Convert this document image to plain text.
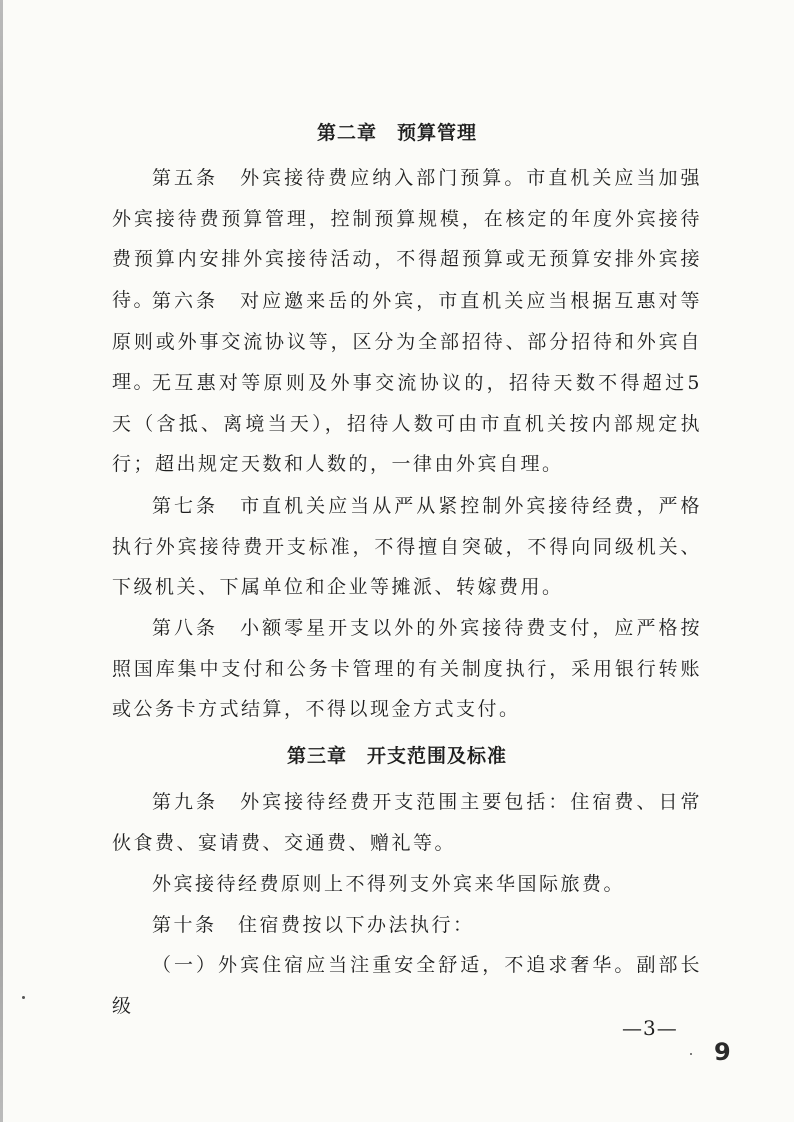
第二章　预算管理

第五条　外宾接待费应纳入部门预算。市直机关应当加强外宾接待费预算管理，控制预算规模，在核定的年度外宾接待费预算内安排外宾接待活动，不得超预算或无预算安排外宾接待。

第六条　对应邀来岳的外宾，市直机关应当根据互惠对等原则或外事交流协议等，区分为全部招待、部分招待和外宾自理。

无互惠对等原则及外事交流协议的，招待天数不得超过5天（含抵、离境当天），招待人数可由市直机关按内部规定执行；超出规定天数和人数的，一律由外宾自理。

第七条　市直机关应当从严从紧控制外宾接待经费，严格执行外宾接待费开支标准，不得擅自突破，不得向同级机关、下级机关、下属单位和企业等摊派、转嫁费用。

第八条　小额零星开支以外的外宾接待费支付，应严格按照国库集中支付和公务卡管理的有关制度执行，采用银行转账或公务卡方式结算，不得以现金方式支付。

第三章　开支范围及标准

第九条　外宾接待经费开支范围主要包括：住宿费、日常伙食费、宴请费、交通费、赠礼等。

外宾接待经费原则上不得列支外宾来华国际旅费。

第十条　住宿费按以下办法执行：

（一）外宾住宿应当注重安全舒适，不追求奢华。副部长级

—3—
9
